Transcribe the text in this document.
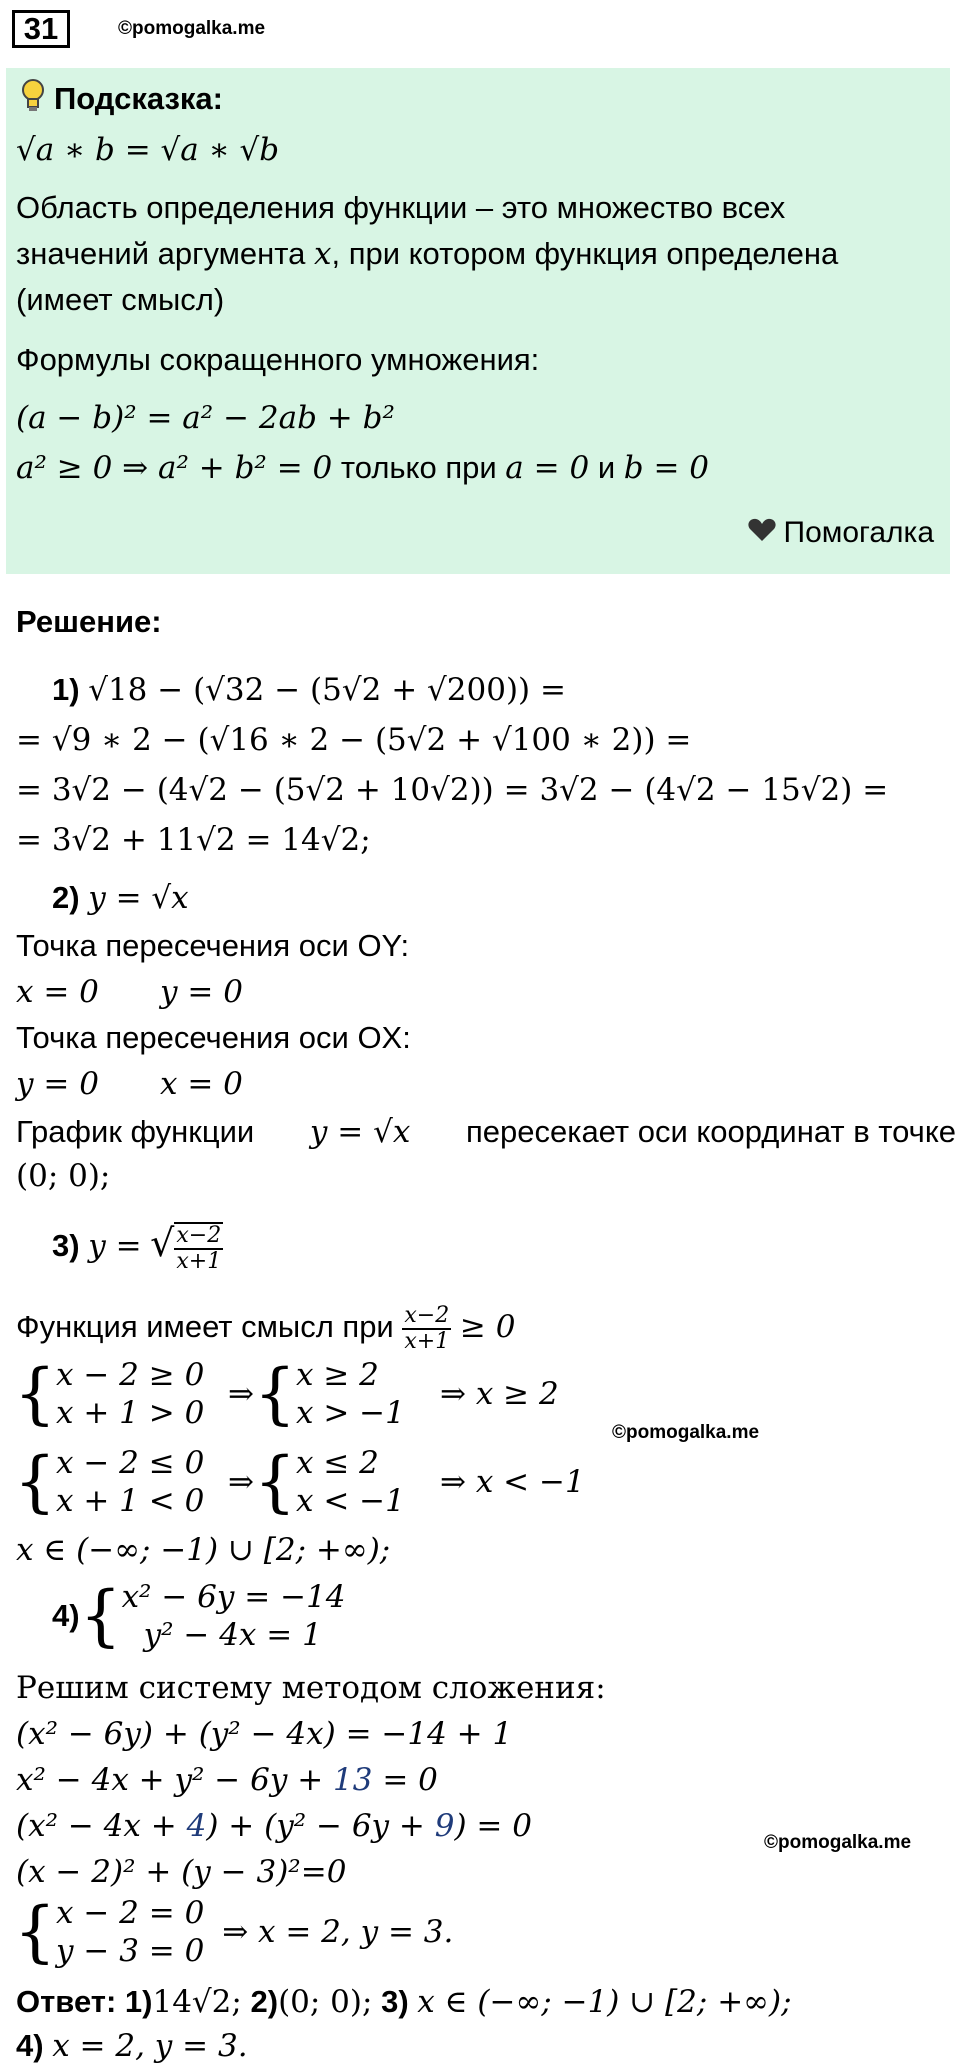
31	©pomogalka.me
Подсказка:
√a ∗ b = √a ∗ √b
Область определения функции – это множество всех
значений аргумента x, при котором функция определена
(имеет смысл)
Формулы сокращенного умножения:
(a − b)² = a² − 2ab + b²
a² ≥ 0 ⇒ a² + b² = 0 только при a = 0 и b = 0
Помогалка
Решение:
1) √18 − (√32 − (5√2 + √200)) =
= √9 ∗ 2 − (√16 ∗ 2 − (5√2 + √100 ∗ 2)) =
= 3√2 − (4√2 − (5√2 + 10√2)) = 3√2 − (4√2 − 15√2) =
= 3√2 + 11√2 = 14√2;
2) y = √x
Точка пересечения оси OY:
x = 0 y = 0
Точка пересечения оси OX:
y = 0 x = 0
График функции y = √x пересекает оси координат в точке
(0; 0);
3) y = √ $\frac{x-2}{x+1}$
Функция имеет смысл при $\frac{x-2}{x+1} \ge 0$
{ x − 2 ≥ 0
x + 1 > 0
⇒{ x ≥ 2
x > −1
⇒ x ≥ 2
©pomogalka.me
{ x − 2 ≤ 0
x + 1 < 0
⇒{ x ≤ 2
x < −1
⇒ x < −1
x ∈ (−∞; −1) ∪ [2; +∞);
4){ x² − 6y = −14
y² − 4x = 1
Решим систему методом сложения:
(x² − 6y) + (y² − 4x) = −14 + 1
x² − 4x + y² − 6y + 13 = 0
(x² − 4x + 4) + (y² − 6y + 9) = 0	©pomogalka.me
(x − 2)² + (y − 3)²=0
{ x − 2 = 0
y − 3 = 0
⇒ x = 2, y = 3.
Ответ: 1)14√2; 2)(0; 0); 3) x ∈ (−∞; −1) ∪ [2; +∞);
4) x = 2, y = 3.
